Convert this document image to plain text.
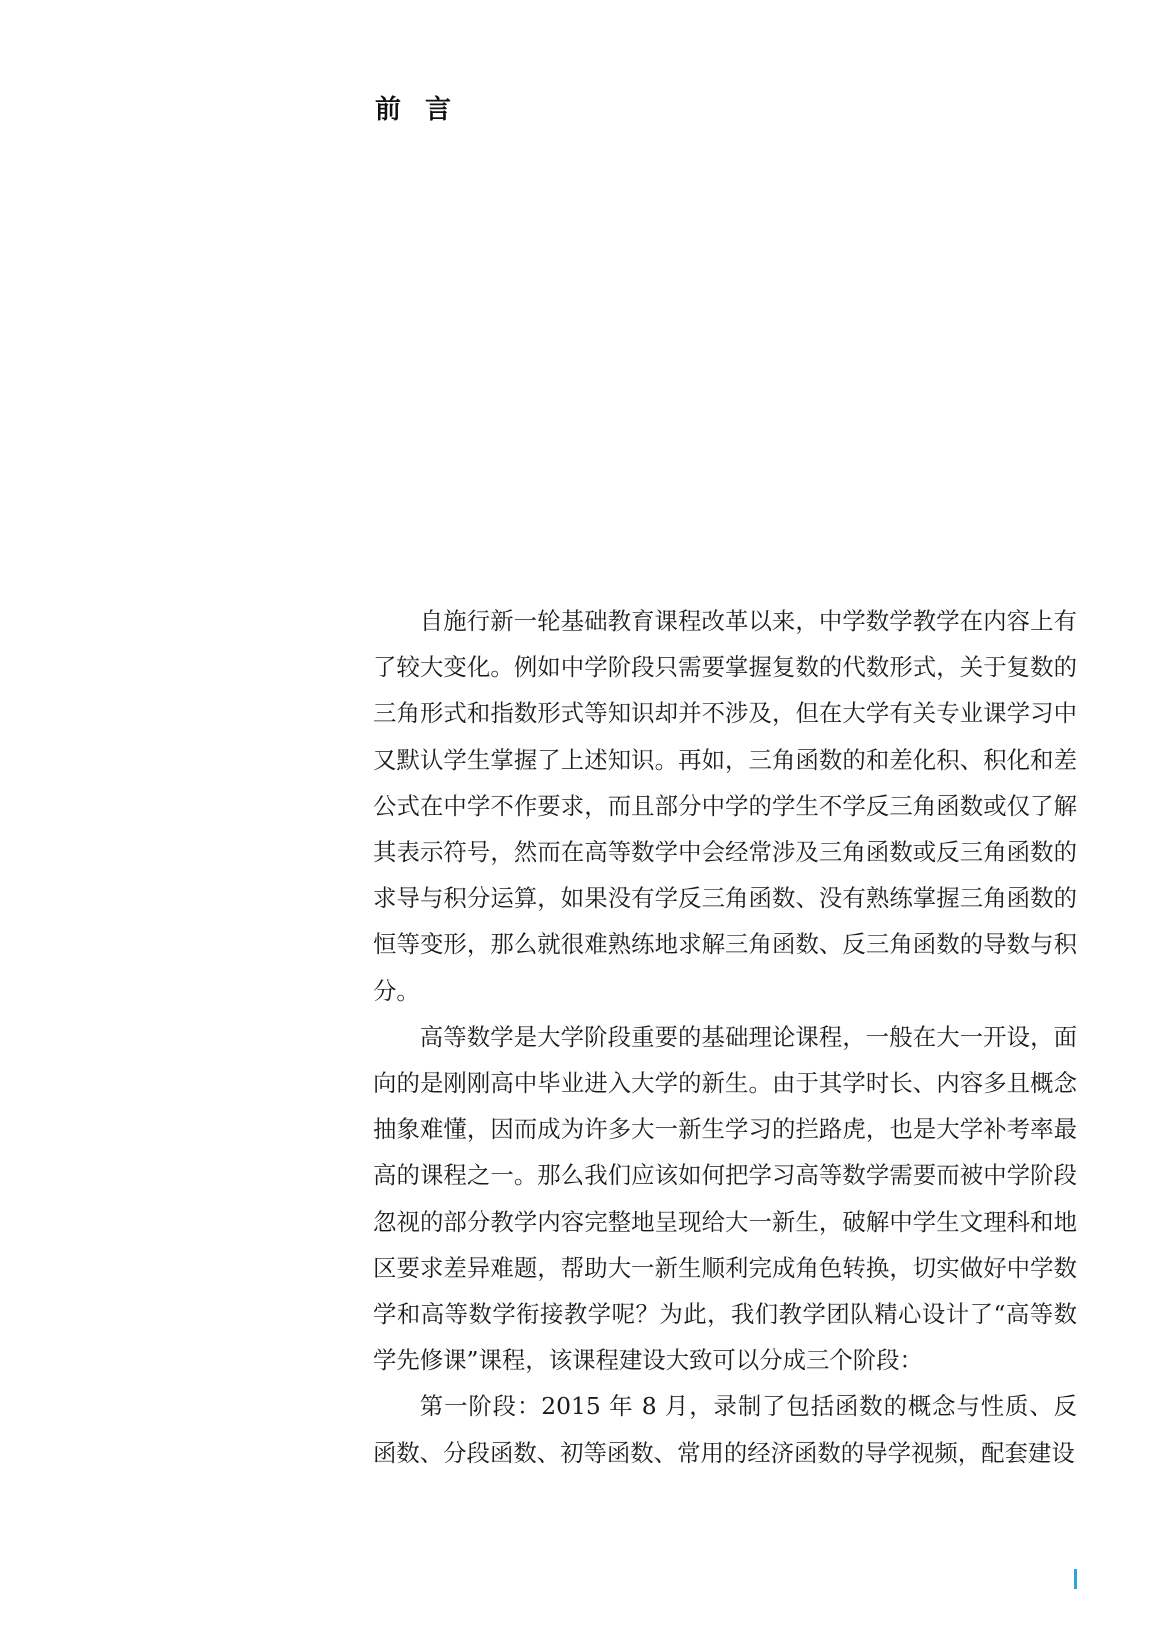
前言

自施行新一轮基础教育课程改革以来，中学数学教学在内容上有了较大变化。例如中学阶段只需要掌握复数的代数形式，关于复数的三角形式和指数形式等知识却并不涉及，但在大学有关专业课学习中又默认学生掌握了上述知识。再如，三角函数的和差化积、积化和差公式在中学不作要求，而且部分中学的学生不学反三角函数或仅了解其表示符号，然而在高等数学中会经常涉及三角函数或反三角函数的求导与积分运算，如果没有学反三角函数、没有熟练掌握三角函数的恒等变形，那么就很难熟练地求解三角函数、反三角函数的导数与积分。

高等数学是大学阶段重要的基础理论课程，一般在大一开设，面向的是刚刚高中毕业进入大学的新生。由于其学时长、内容多且概念抽象难懂，因而成为许多大一新生学习的拦路虎，也是大学补考率最高的课程之一。那么我们应该如何把学习高等数学需要而被中学阶段忽视的部分教学内容完整地呈现给大一新生，破解中学生文理科和地区要求差异难题，帮助大一新生顺利完成角色转换，切实做好中学数学和高等数学衔接教学呢？为此，我们教学团队精心设计了“高等数学先修课”课程，该课程建设大致可以分成三个阶段：

第一阶段：2015 年 8 月，录制了包括函数的概念与性质、反函数、分段函数、初等函数、常用的经济函数的导学视频，配套建设
